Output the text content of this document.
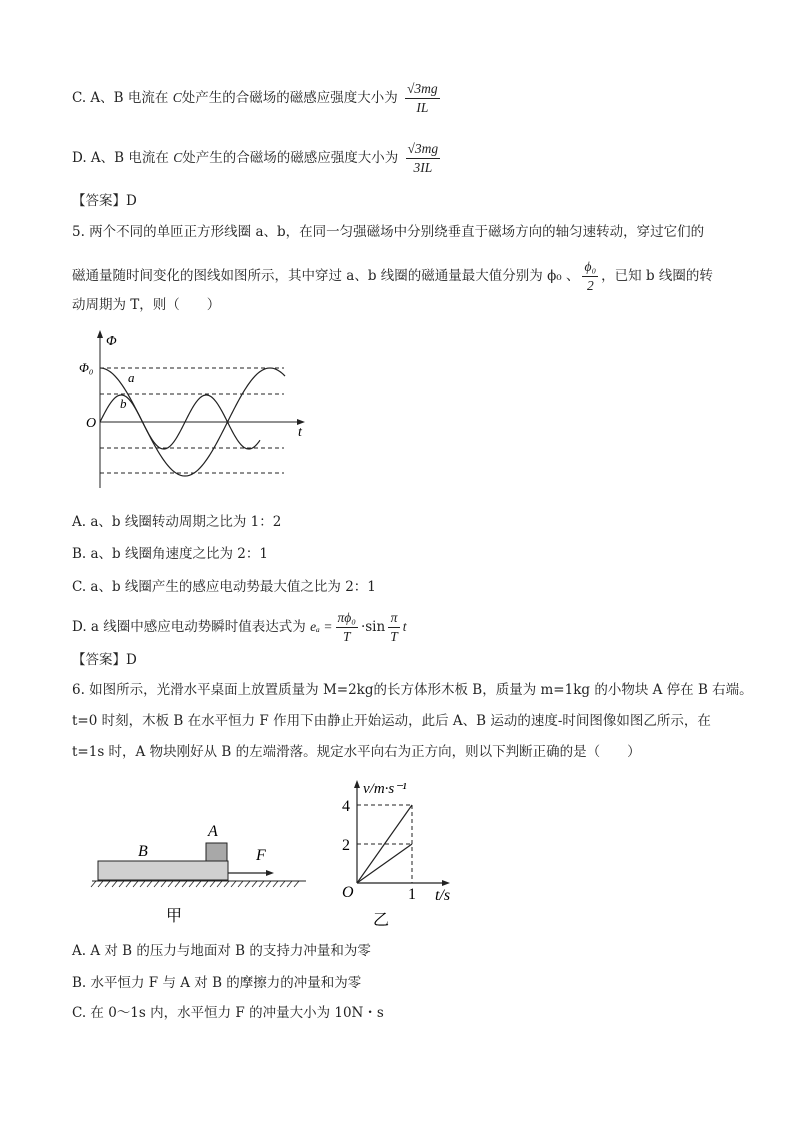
C. A、B 电流在 C处产生的合磁场的磁感应强度大小为 $\frac{√3mg}{IL}$
D. A、B 电流在 C处产生的合磁场的磁感应强度大小为 $\frac{√3mg}{3IL}$
【答案】D
5. 两个不同的单匝正方形线圈 a、b，在同一匀强磁场中分别绕垂直于磁场方向的轴匀速转动，穿过它们的
磁通量随时间变化的图线如图所示，其中穿过 a、b 线圈的磁通量最大值分别为 ϕ₀ 、 $\frac{\text{ϕ₀}}{2}$ ，已知 b 线圈的转
动周期为 T，则（　　）
Φ
Φ₀
O
t
a
b
A. a、b 线圈转动周期之比为 1：2
B. a、b 线圈角速度之比为 2：1
C. a、b 线圈产生的感应电动势最大值之比为 2：1
D. a 线圈中感应电动势瞬时值表达式为 $e_a = \frac{\text{πϕ₀}}{T} \cdot\sin \frac{\pi}{T}$ t
【答案】D
6. 如图所示，光滑水平桌面上放置质量为 M=2kg的长方体形木板 B，质量为 m=1kg 的小物块 A 停在 B 右端。
t=0 时刻，木板 B 在水平恒力 F 作用下由静止开始运动，此后 A、B 运动的速度-时间图像如图乙所示，在
t=1s 时，A 物块刚好从 B 的左端滑落。规定水平向右为正方向，则以下判断正确的是（　　）
B
A
F
甲
v/m·s⁻¹
4
2
O	1 t/s
乙
A. A 对 B 的压力与地面对 B 的支持力冲量和为零
B. 水平恒力 F 与 A 对 B 的摩擦力的冲量和为零
C. 在 0～1s 内，水平恒力 F 的冲量大小为 10N・s
